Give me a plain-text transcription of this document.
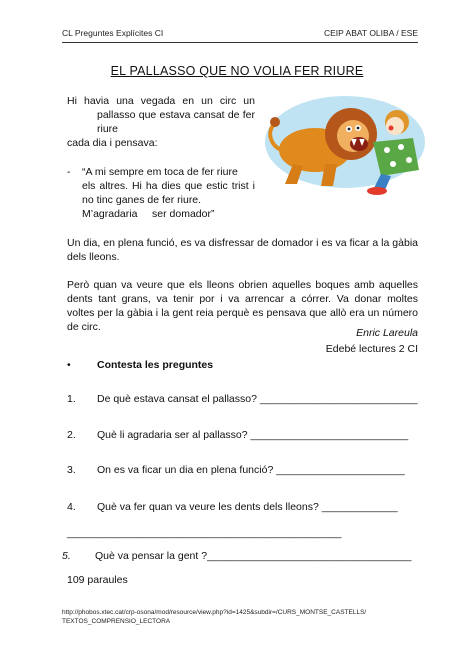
CL Preguntes Explícites CI	CEIP ABAT OLIBA / ESE
EL PALLASSO QUE NO VOLIA FER RIURE
Hi havia una vegada en un circ un
pallasso que estava cansat de fer
riure
cada dia i pensava:
- “A mi sempre em toca de fer riure
els altres. Hi ha dies que estic trist i
no tinc ganes de fer riure.
M’agradaria     ser domador”
Un dia, en plena funció, es va disfressar de domador i es va ficar a la gàbia
dels lleons.
Però quan va veure que els lleons obrien aquelles boques amb aquelles
dents tant grans, va tenir por i va arrencar a córrer. Va donar moltes
voltes per la gàbia i la gent reia perquè es pensava que allò era un número
de circ.	Enric Lareula
Edebé lectures 2 CI
•	Contesta les preguntes
1. De què estava cansat el pallasso? ___________________________
2. Què li agradaria ser al pallasso? ___________________________
3. On es va ficar un dia en plena funció? ______________________
4. Què va fer quan va veure les dents dels lleons? _____________
_______________________________________________
5. Què va pensar la gent ?___________________________________
109 paraules
http://phobos.xtec.cat/crp-osona/mod/resource/view.php?id=1425&subdir=/CURS_MONTSE_CASTELLS/
TEXTOS_COMPRENSIO_LECTORA
